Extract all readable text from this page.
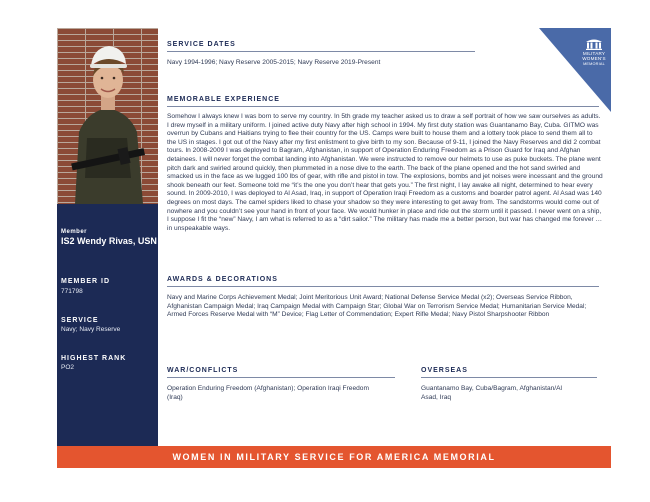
Member
IS2 Wendy Rivas, USN
MEMBER ID
771798
SERVICE
Navy; Navy Reserve
HIGHEST RANK
PO2
SERVICE DATES
Navy 1994-1996; Navy Reserve 2005-2015; Navy Reserve 2019-Present
MEMORABLE EXPERIENCE
Somehow I always knew I was born to serve my country. In 5th grade my teacher asked us to draw a self portrait of how we saw ourselves as adults. I drew myself in a military uniform. I joined active duty Navy after high school in 1994. My first duty station was Guantanamo Bay, Cuba. GITMO was overrun by Cubans and Haitians trying to flee their country for the US. Camps were built to house them and a lottery took place to send them all to the US in stages. I got out of the Navy after my first enlistment to give birth to my son. Because of 9-11, I joined the Navy Reserves and did 2 combat tours. In 2008-2009 I was deployed to Bagram, Afghanistan, in support of Operation Enduring Freedom as a Prison Guard for Iraq and Afghan detainees. I will never forget the combat landing into Afghanistan. We were instructed to remove our helmets to use as puke buckets. The plane went pitch dark and swirled around quickly, then plummeted in a nose dive to the earth. The back of the plane opened and the hot sand swirled and smacked us in the face as we lugged 100 lbs of gear, with rifle and pistol in tow. The explosions, bombs and jet noises were incessant and the ground shook beneath our feet. Someone told me “it’s the one you don’t hear that gets you.” The first night, I lay awake all night, determined to hear every sound. In 2009-2010, I was deployed to Al Asad, Iraq, in support of Operation Iraqi Freedom as a customs and boarder patrol agent. Al Asad was 140 degrees on most days. The camel spiders liked to chase your shadow so they were interesting to get away from. The sandstorms would come out of nowhere and you couldn’t see your hand in front of your face. We would hunker in place and ride out the storm until it passed. I never went on a ship, I suppose I fit the “new” Navy, I am what is referred to as a “dirt sailor.” The military has made me a better person, but war has changed me forever … in unspeakable ways.
AWARDS & DECORATIONS
Navy and Marine Corps Achievement Medal; Joint Meritorious Unit Award; National Defense Service Medal (x2); Overseas Service Ribbon, Afghanistan Campaign Medal; Iraq Campaign Medal with Campaign Star; Global War on Terrorism Service Medal; Humanitarian Service Medal; Armed Forces Reserve Medal with “M” Device; Flag Letter of Commendation; Expert Rifle Medal; Navy Pistol Sharpshooter Ribbon
WAR/CONFLICTS
Operation Enduring Freedom (Afghanistan); Operation Iraqi Freedom (Iraq)
OVERSEAS
Guantanamo Bay, Cuba/Bagram, Afghanistan/Al Asad, Iraq
MILITARY
WOMEN'S
MEMORIAL
WOMEN IN MILITARY SERVICE FOR AMERICA MEMORIAL
